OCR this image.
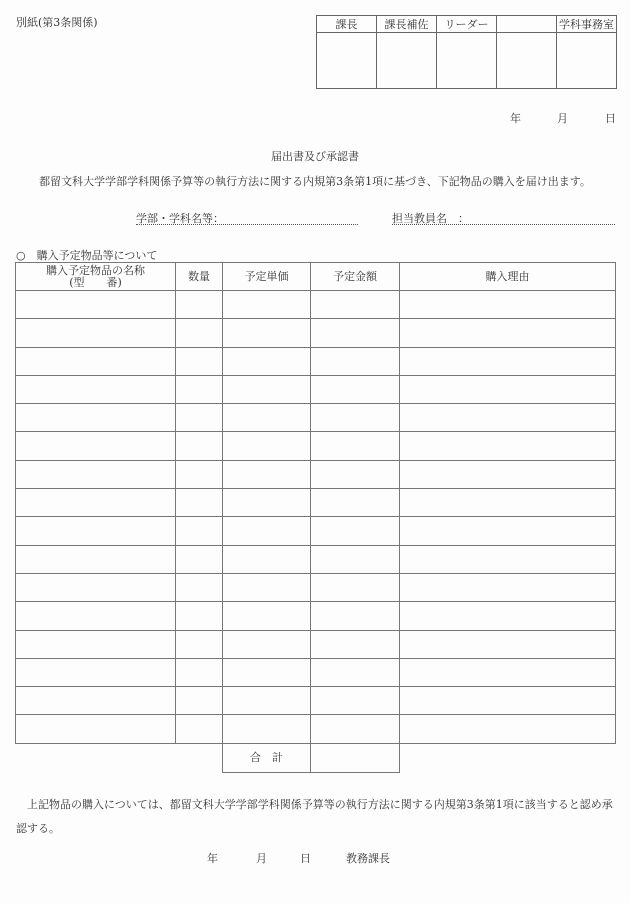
別紙(第3条関係)	課長	課長補佐	リーダー		学科事務室

年	月	日
届出書及び承認書
都留文科大学学部学科関係予算等の執行方法に関する内規第3条第1項に基づき、下記物品の購入を届け出ます。
学部・学科名等：	担当教員名　：
○　購入予定物品等について
購入予定物品の名称
(型　　番)	数量	予定単価	予定金額	購入理由

		合　計		
上記物品の購入については、都留文科大学学部学科関係予算等の執行方法に関する内規第3条第1項に該当すると認め承認する。
年	月	日	教務課長
